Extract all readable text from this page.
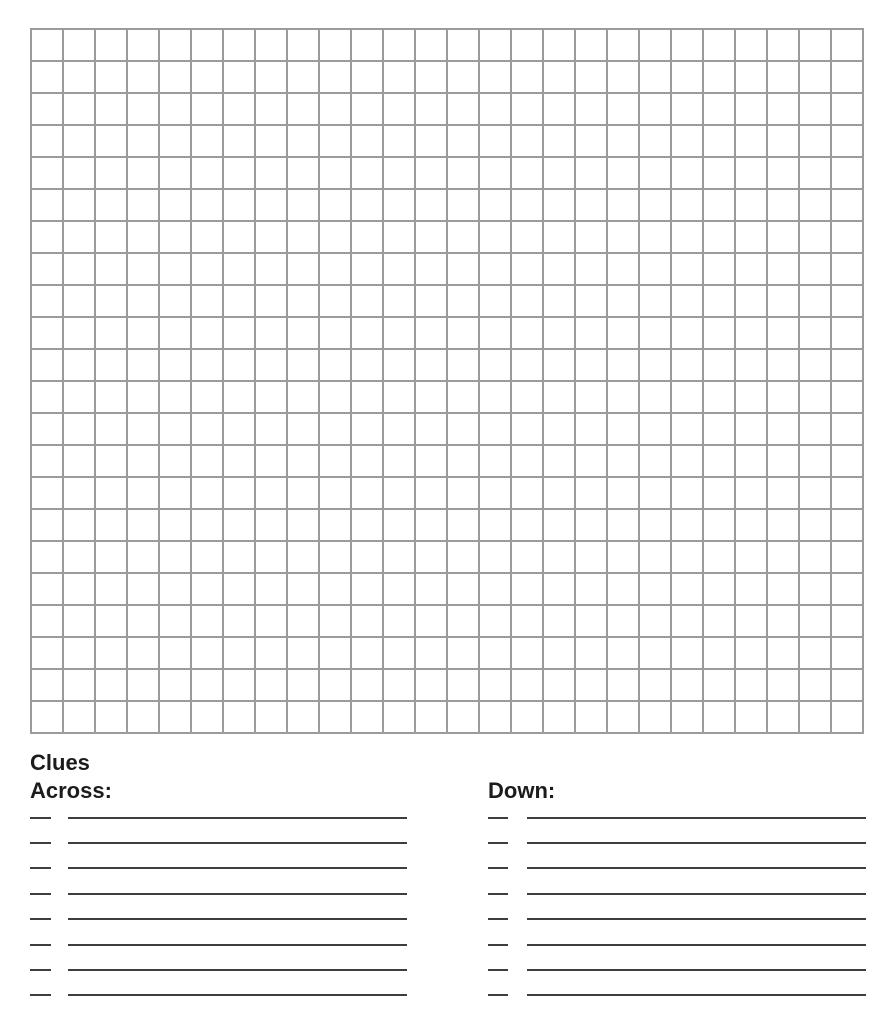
Clues
Across:	Down:
